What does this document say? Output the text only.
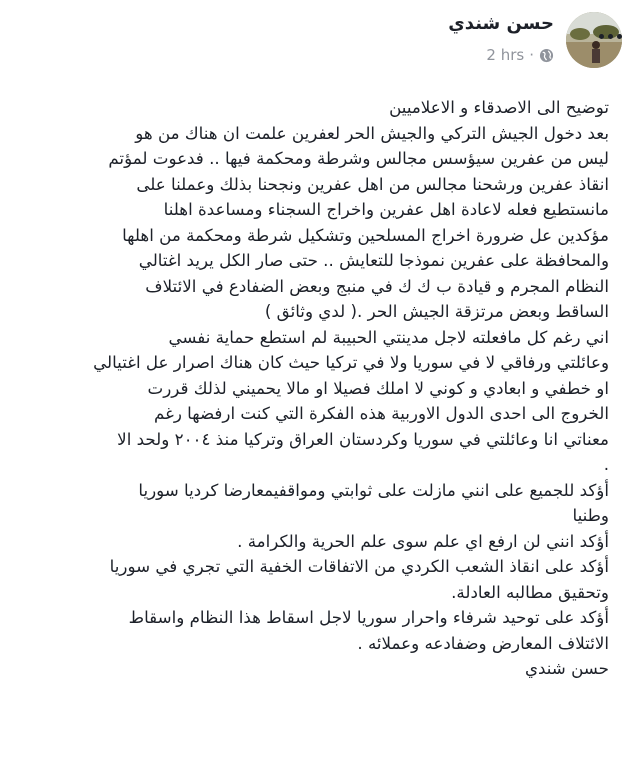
حسن شندي
2 hrs ·

توضيح الى الاصدقاء و الاعلاميين

بعد دخول الجيش التركي والجيش الحر لعفرين علمت ان هناك من هو

ليس من عفرين سيؤسس مجالس وشرطة ومحكمة فيها .. فدعوت لمؤتم

انقاذ عفرين ورشحنا مجالس من اهل عفرين ونجحنا بذلك وعملنا على

مانستطيع فعله لاعادة اهل عفرين واخراج السجناء ومساعدة اهلنا

مؤكدين عل ضرورة اخراج المسلحين وتشكيل شرطة ومحكمة من اهلها

والمحافظة على عفرين نموذجا للتعايش .. حتى صار الكل يريد اغتالي

النظام المجرم و قيادة ب ك ك في منبج وبعض الضفادع في الائتلاف

الساقط وبعض مرتزقة الجيش الحر .( لدي وثائق )

اني رغم كل مافعلته لاجل مدينتي الحبيبة لم استطع حماية نفسي

وعائلتي ورفاقي لا في سوريا ولا في تركيا حيث كان هناك اصرار عل اغتيالي

او خطفي و ابعادي و كوني لا املك فصيلا او مالا يحميني لذلك قررت

الخروج الى احدى الدول الاوربية هذه الفكرة التي كنت ارفضها رغم

معناتي انا وعائلتي في سوريا وكردستان العراق وتركيا منذ ٢٠٠٤ ولحد الا

.

أؤكد للجميع على انني مازلت على ثوابتي ومواقفيمعارضا كرديا سوريا

وطنيا

أؤكد انني لن ارفع اي علم سوى علم الحرية والكرامة .

أؤكد على انقاذ الشعب الكردي من الاتفاقات الخفية التي تجري في سوريا

وتحقيق مطالبه العادلة.

أؤكد على توحيد شرفاء واحرار سوريا لاجل اسقاط هذا النظام واسقاط

الائتلاف المعارض وضفادعه وعملائه .

حسن شندي
